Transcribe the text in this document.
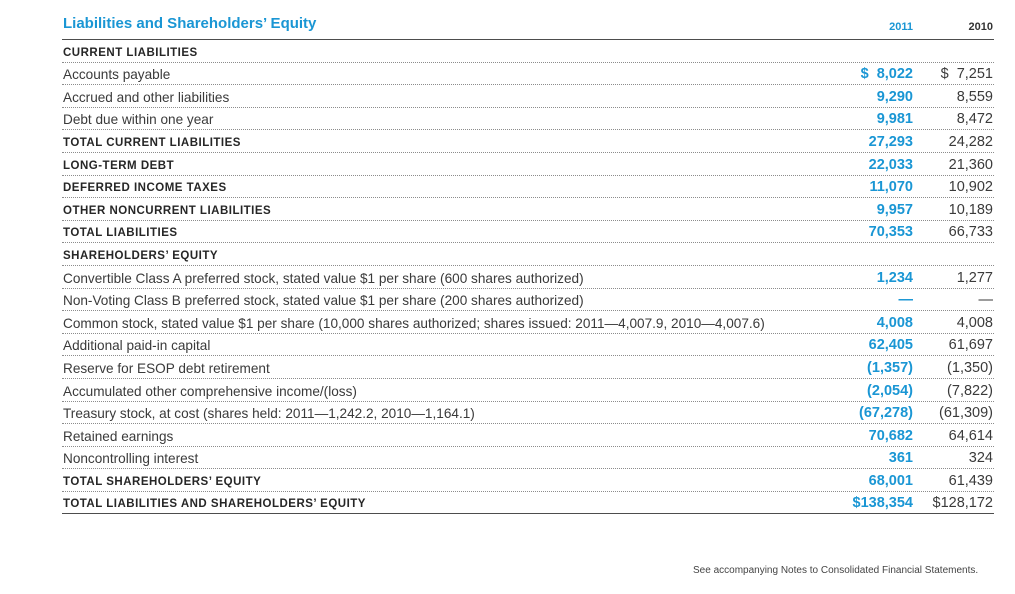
Liabilities and Shareholders’ Equity	2011	2010
CURRENT LIABILITIES
Accounts payable	$  8,022 $  7,251
Accrued and other liabilities	9,290	8,559
Debt due within one year	9,981	8,472
TOTAL CURRENT LIABILITIES	27,293 24,282
LONG-TERM DEBT	22,033 21,360
DEFERRED INCOME TAXES	11,070 10,902
OTHER NONCURRENT LIABILITIES	9,957 10,189
TOTAL LIABILITIES	70,353 66,733
SHAREHOLDERS’ EQUITY
Convertible Class A preferred stock, stated value $1 per share (600 shares authorized)	1,234	1,277
Non-Voting Class B preferred stock, stated value $1 per share (200 shares authorized)	—	—
Common stock, stated value $1 per share (10,000 shares authorized; shares issued: 2011—4,007.9, 2010—4,007.6)	4,008	4,008
Additional paid-in capital	62,405 61,697
Reserve for ESOP debt retirement	(1,357) (1,350)
Accumulated other comprehensive income/(loss)	(2,054) (7,822)
Treasury stock, at cost (shares held: 2011—1,242.2, 2010—1,164.1)	(67,278) (61,309)
Retained earnings	70,682 64,614
Noncontrolling interest	361	324
TOTAL SHAREHOLDERS’ EQUITY	68,001 61,439
TOTAL LIABILITIES AND SHAREHOLDERS’ EQUITY	$138,354 $128,172
See accompanying Notes to Consolidated Financial Statements.
